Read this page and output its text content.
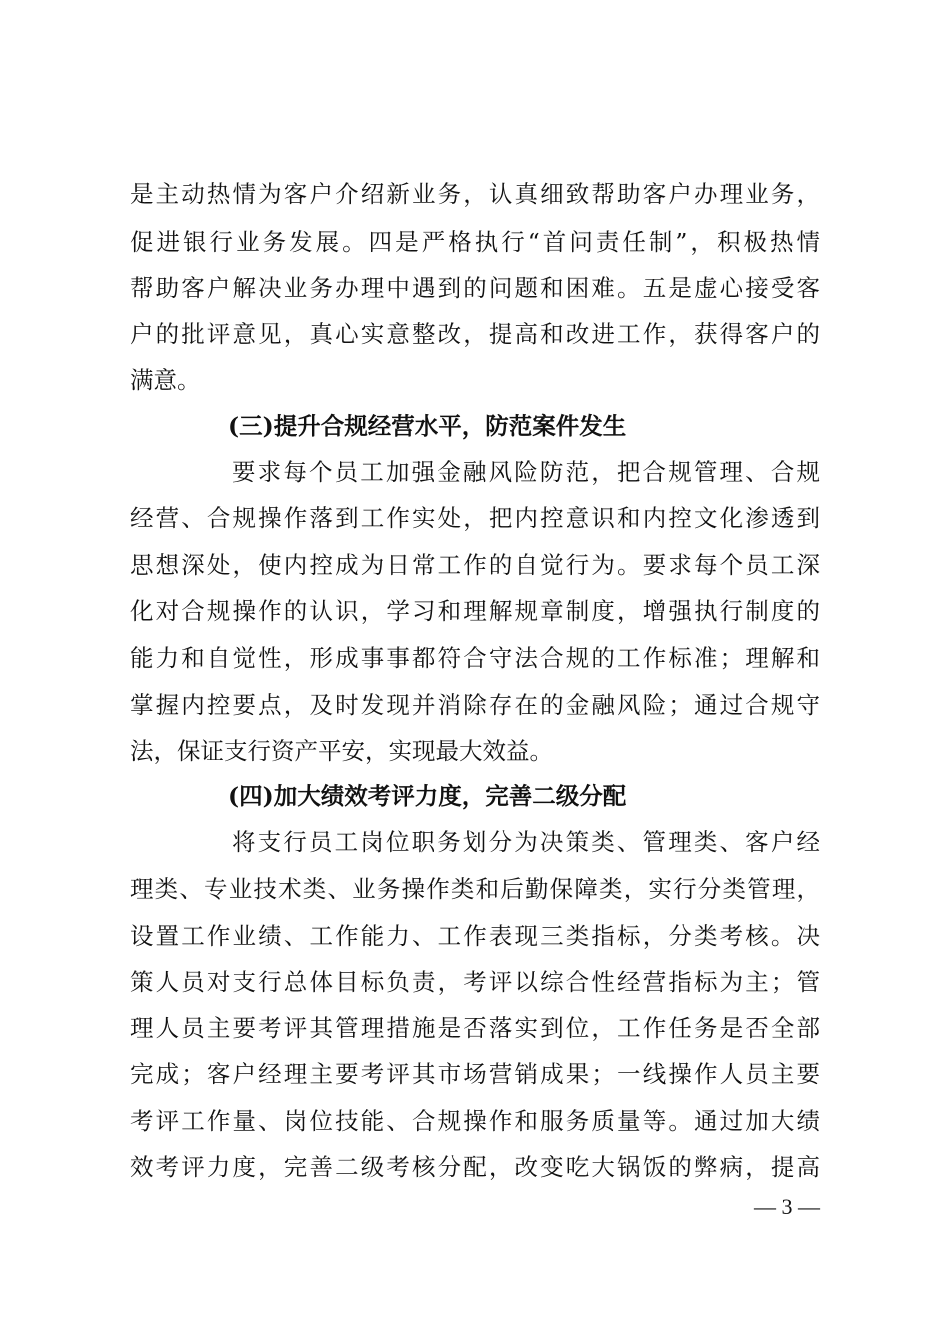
是主动热情为客户介绍新业务，认真细致帮助客户办理业务，
促进银行业务发展。四是严格执行“首问责任制”，积极热情
帮助客户解决业务办理中遇到的问题和困难。五是虚心接受客
户的批评意见，真心实意整改，提高和改进工作，获得客户的
满意。
(三)提升合规经营水平，防范案件发生
要求每个员工加强金融风险防范，把合规管理、合规
经营、合规操作落到工作实处，把内控意识和内控文化渗透到
思想深处，使内控成为日常工作的自觉行为。要求每个员工深
化对合规操作的认识，学习和理解规章制度，增强执行制度的
能力和自觉性，形成事事都符合守法合规的工作标准；理解和
掌握内控要点，及时发现并消除存在的金融风险；通过合规守
法，保证支行资产平安，实现最大效益。
(四)加大绩效考评力度，完善二级分配
将支行员工岗位职务划分为决策类、管理类、客户经
理类、专业技术类、业务操作类和后勤保障类，实行分类管理，
设置工作业绩、工作能力、工作表现三类指标，分类考核。决
策人员对支行总体目标负责，考评以综合性经营指标为主；管
理人员主要考评其管理措施是否落实到位，工作任务是否全部
完成；客户经理主要考评其市场营销成果；一线操作人员主要
考评工作量、岗位技能、合规操作和服务质量等。通过加大绩
效考评力度，完善二级考核分配，改变吃大锅饭的弊病，提高
— 3 —
